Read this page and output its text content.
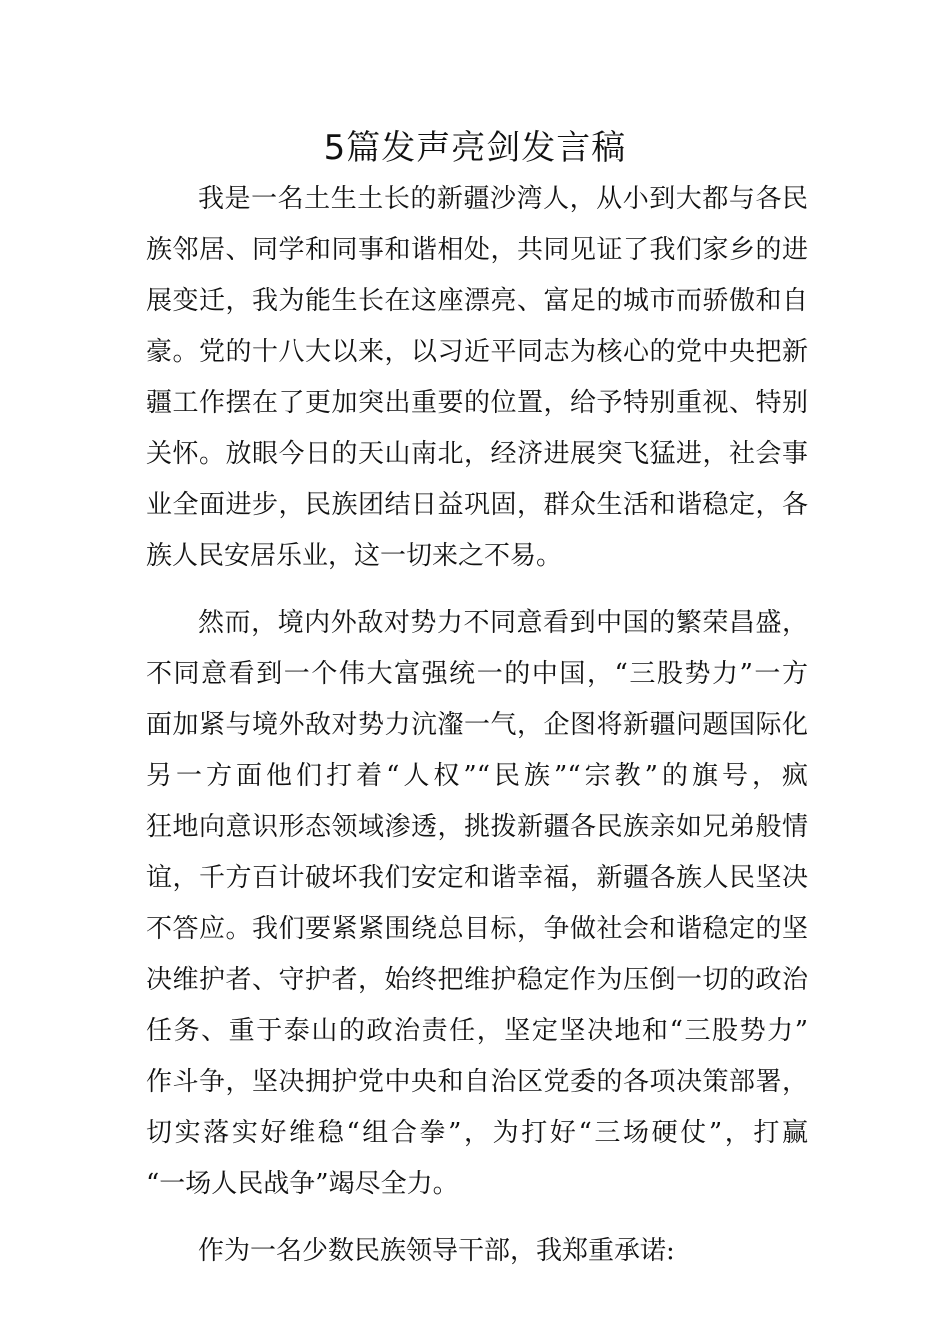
5篇发声亮剑发言稿
我是一名土生土长的新疆沙湾人，从小到大都与各民
族邻居、同学和同事和谐相处，共同见证了我们家乡的进
展变迁，我为能生长在这座漂亮、富足的城市而骄傲和自
豪。党的十八大以来，以习近平同志为核心的党中央把新
疆工作摆在了更加突出重要的位置，给予特别重视、特别
关怀。放眼今日的天山南北，经济进展突飞猛进，社会事
业全面进步，民族团结日益巩固，群众生活和谐稳定，各
族人民安居乐业，这一切来之不易。
然而，境内外敌对势力不同意看到中国的繁荣昌盛，
不同意看到一个伟大富强统一的中国，“三股势力”一方
面加紧与境外敌对势力沆瀣一气，企图将新疆问题国际化
另一方面他们打着“人权”“民族”“宗教”的旗号，疯
狂地向意识形态领域渗透，挑拨新疆各民族亲如兄弟般情
谊，千方百计破坏我们安定和谐幸福，新疆各族人民坚决
不答应。我们要紧紧围绕总目标，争做社会和谐稳定的坚
决维护者、守护者，始终把维护稳定作为压倒一切的政治
任务、重于泰山的政治责任，坚定坚决地和“三股势力”
作斗争，坚决拥护党中央和自治区党委的各项决策部署，
切实落实好维稳“组合拳”，为打好“三场硬仗”，打赢
“一场人民战争”竭尽全力。
作为一名少数民族领导干部，我郑重承诺:
